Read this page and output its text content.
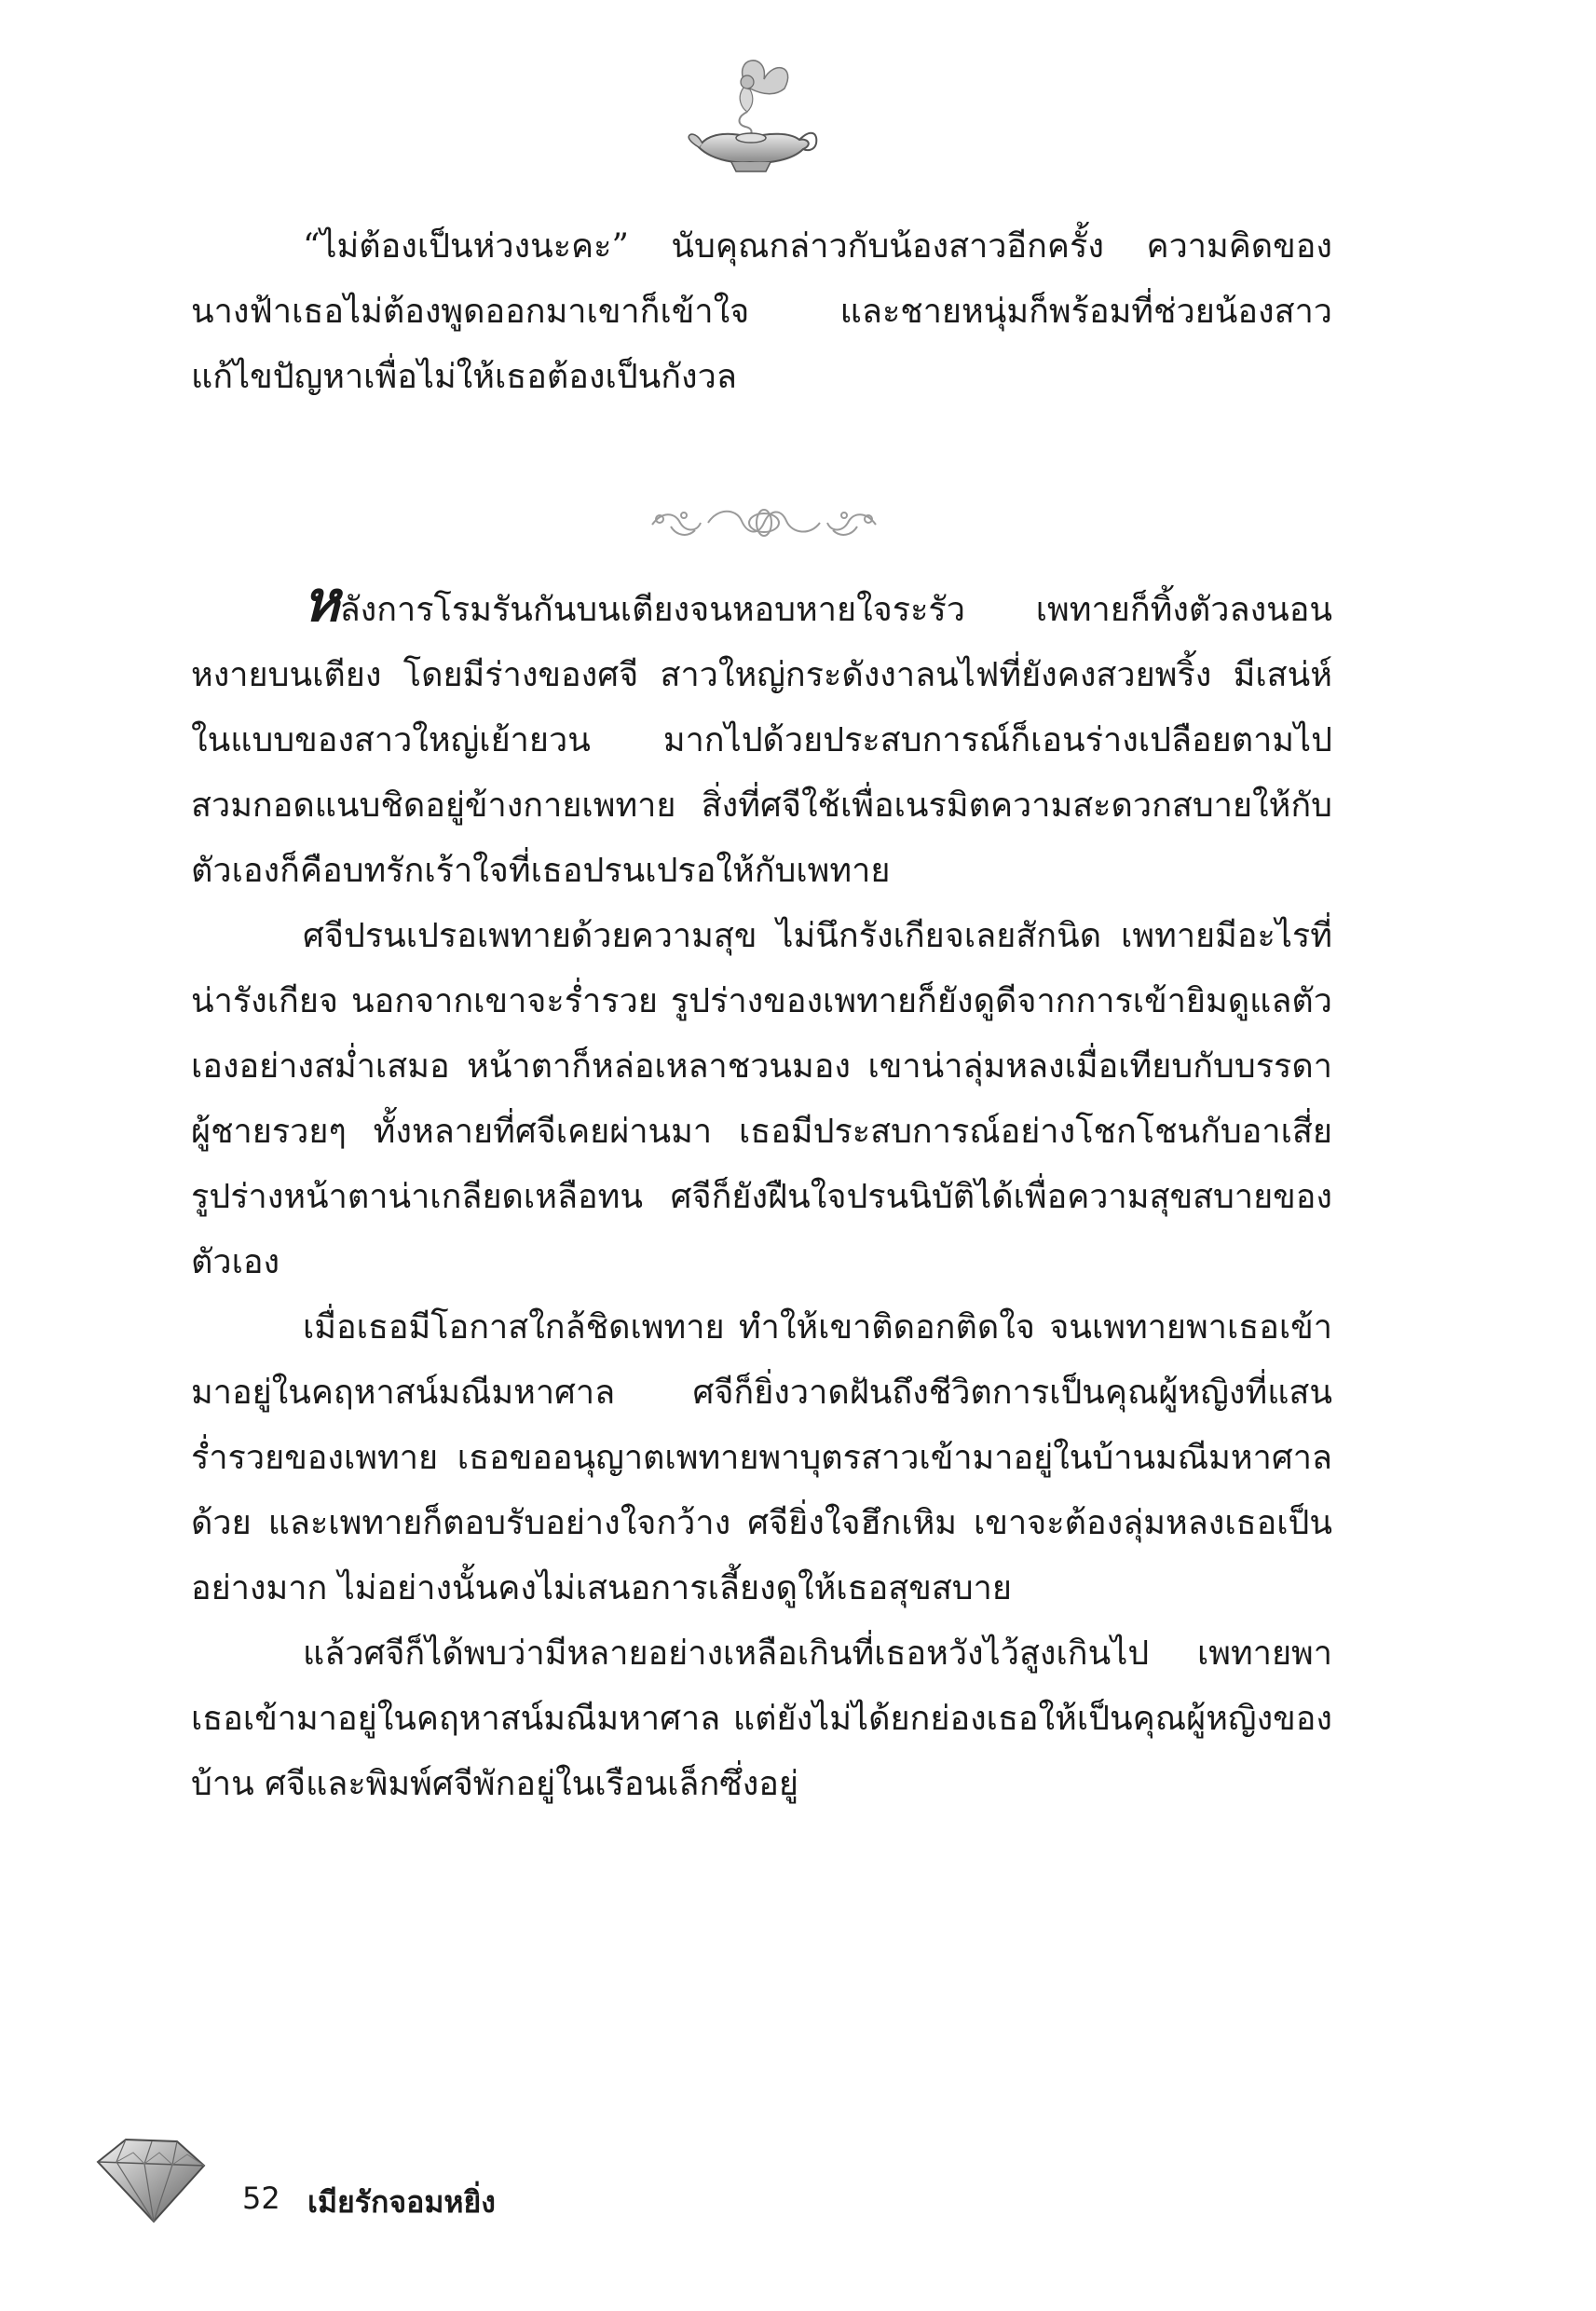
“ไม่ต้องเป็นห่วงนะคะ” นับคุณกล่าวกับน้องสาวอีกครั้ง ความคิดของนางฟ้าเธอไม่ต้องพูดออกมาเขาก็เข้าใจ และชายหนุ่มก็พร้อมที่ช่วยน้องสาวแก้ไขปัญหาเพื่อไม่ให้เธอต้องเป็นกังวล

หลังการโรมรันกันบนเตียงจนหอบหายใจระรัว เพทายก็ทิ้งตัวลงนอนหงายบนเตียง โดยมีร่างของศจี สาวใหญ่กระดังงาลนไฟที่ยังคงสวยพริ้ง มีเสน่ห์ในแบบของสาวใหญ่เย้ายวน มากไปด้วยประสบการณ์ก็เอนร่างเปลือยตามไปสวมกอดแนบชิดอยู่ข้างกายเพทาย สิ่งที่ศจีใช้เพื่อเนรมิตความสะดวกสบายให้กับตัวเองก็คือบทรักเร้าใจที่เธอปรนเปรอให้กับเพทาย

ศจีปรนเปรอเพทายด้วยความสุข ไม่นึกรังเกียจเลยสักนิด เพทายมีอะไรที่น่ารังเกียจ นอกจากเขาจะร่ำรวย รูปร่างของเพทายก็ยังดูดีจากการเข้ายิมดูแลตัวเองอย่างสม่ำเสมอ หน้าตาก็หล่อเหลาชวนมอง เขาน่าลุ่มหลงเมื่อเทียบกับบรรดาผู้ชายรวยๆ ทั้งหลายที่ศจีเคยผ่านมา เธอมีประสบการณ์อย่างโชกโชนกับอาเสี่ยรูปร่างหน้าตาน่าเกลียดเหลือทน ศจีก็ยังฝืนใจปรนนิบัติได้เพื่อความสุขสบายของตัวเอง

เมื่อเธอมีโอกาสใกล้ชิดเพทาย ทำให้เขาติดอกติดใจ จนเพทายพาเธอเข้ามาอยู่ในคฤหาสน์มณีมหาศาล ศจีก็ยิ่งวาดฝันถึงชีวิตการเป็นคุณผู้หญิงที่แสนร่ำรวยของเพทาย เธอขออนุญาตเพทายพาบุตรสาวเข้ามาอยู่ในบ้านมณีมหาศาลด้วย และเพทายก็ตอบรับอย่างใจกว้าง ศจียิ่งใจฮึกเหิม เขาจะต้องลุ่มหลงเธอเป็นอย่างมาก ไม่อย่างนั้นคงไม่เสนอการเลี้ยงดูให้เธอสุขสบาย

แล้วศจีก็ได้พบว่ามีหลายอย่างเหลือเกินที่เธอหวังไว้สูงเกินไป เพทายพาเธอเข้ามาอยู่ในคฤหาสน์มณีมหาศาล แต่ยังไม่ได้ยกย่องเธอให้เป็นคุณผู้หญิงของบ้าน ศจีและพิมพ์ศจีพักอยู่ในเรือนเล็กซึ่งอยู่

52 เมียรักจอมหยิ่ง
